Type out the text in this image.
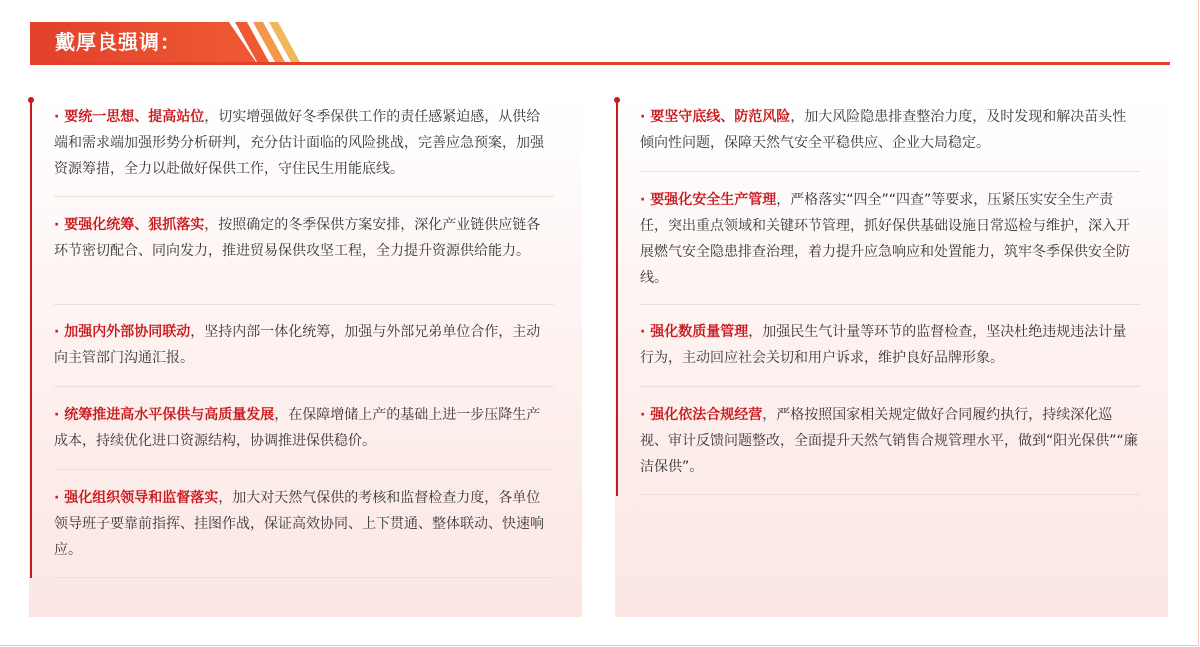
戴厚良强调：
· 要统一思想、提高站位，切实增强做好冬季保供工作的责任感紧迫感，从供给端和需求端加强形势分析研判，充分估计面临的风险挑战，完善应急预案，加强资源筹措，全力以赴做好保供工作，守住民生用能底线。
· 要强化统筹、狠抓落实，按照确定的冬季保供方案安排，深化产业链供应链各环节密切配合、同向发力，推进贸易保供攻坚工程，全力提升资源供给能力。
· 加强内外部协同联动，坚持内部一体化统筹，加强与外部兄弟单位合作，主动向主管部门沟通汇报。
· 统筹推进高水平保供与高质量发展，在保障增储上产的基础上进一步压降生产成本，持续优化进口资源结构，协调推进保供稳价。
· 强化组织领导和监督落实，加大对天然气保供的考核和监督检查力度，各单位领导班子要靠前指挥、挂图作战，保证高效协同、上下贯通、整体联动、快速响应。
· 要坚守底线、防范风险，加大风险隐患排查整治力度，及时发现和解决苗头性倾向性问题，保障天然气安全平稳供应、企业大局稳定。
· 要强化安全生产管理，严格落实“四全”“四查”等要求，压紧压实安全生产责任，突出重点领域和关键环节管理，抓好保供基础设施日常巡检与维护，深入开展燃气安全隐患排查治理，着力提升应急响应和处置能力，筑牢冬季保供安全防线。
· 强化数质量管理，加强民生气计量等环节的监督检查，坚决杜绝违规违法计量行为，主动回应社会关切和用户诉求，维护良好品牌形象。
· 强化依法合规经营，严格按照国家相关规定做好合同履约执行，持续深化巡视、审计反馈问题整改，全面提升天然气销售合规管理水平，做到“阳光保供”“廉洁保供”。
